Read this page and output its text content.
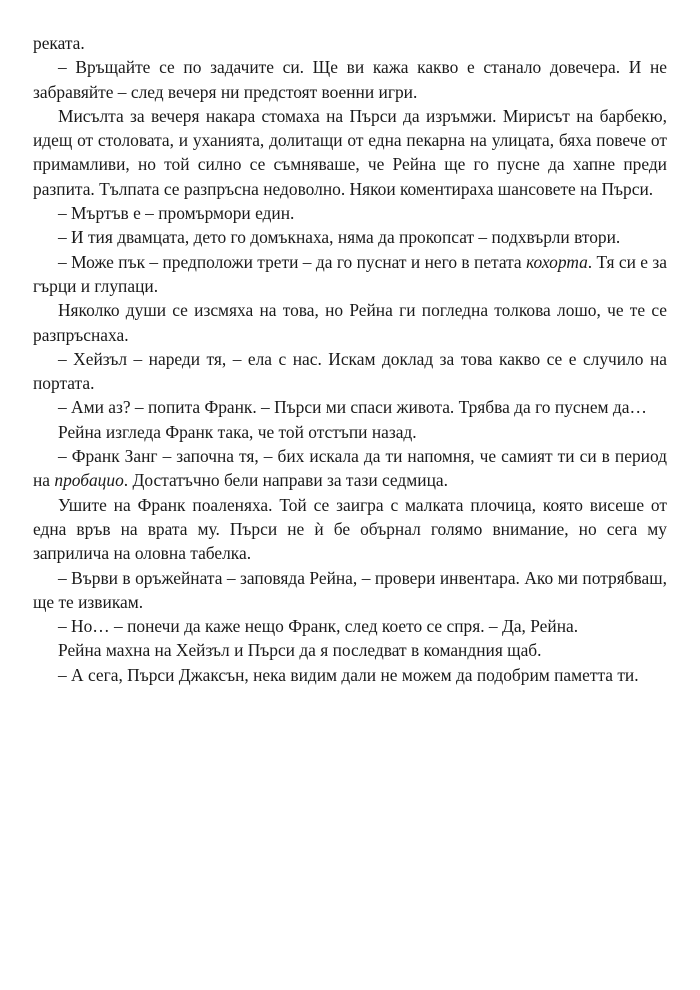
реката.

– Връщайте се по задачите си. Ще ви кажа какво е станало довечера. И не забравяйте – след вечеря ни предстоят военни игри.

Мисълта за вечеря накара стомаха на Пърси да изръмжи. Мирисът на барбекю, идещ от столовата, и уханията, долитащи от една пекарна на улицата, бяха повече от примамливи, но той силно се съмняваше, че Рейна ще го пусне да хапне преди разпита. Тълпата се разпръсна недоволно. Някои коментираха шансовете на Пърси.

– Мъртъв е – промърмори един.

– И тия двамцата, дето го домъкнаха, няма да прокопсат – подхвърли втори.

– Може пък – предположи трети – да го пуснат и него в петата кохорта. Тя си е за гърци и глупаци.

Няколко души се изсмяха на това, но Рейна ги погледна толкова лошо, че те се разпръснаха.

– Хейзъл – нареди тя, – ела с нас. Искам доклад за това какво се е случило на портата.

– Ами аз? – попита Франк. – Пърси ми спаси живота. Трябва да го пуснем да…

Рейна изгледа Франк така, че той отстъпи назад.

– Франк Занг – започна тя, – бих искала да ти напомня, че самият ти си в период на пробацио. Достатъчно бели направи за тази седмица.

Ушите на Франк поаленяха. Той се заигра с малката плочица, която висеше от една връв на врата му. Пърси не ѝ бе обърнал голямо внимание, но сега му заприлича на оловна табелка.

– Върви в оръжейната – заповяда Рейна, – провери инвентара. Ако ми потрябваш, ще те извикам.

– Но… – понечи да каже нещо Франк, след което се спря. – Да, Рейна.

Рейна махна на Хейзъл и Пърси да я последват в командния щаб.

– А сега, Пърси Джаксън, нека видим дали не можем да подобрим паметта ти.
